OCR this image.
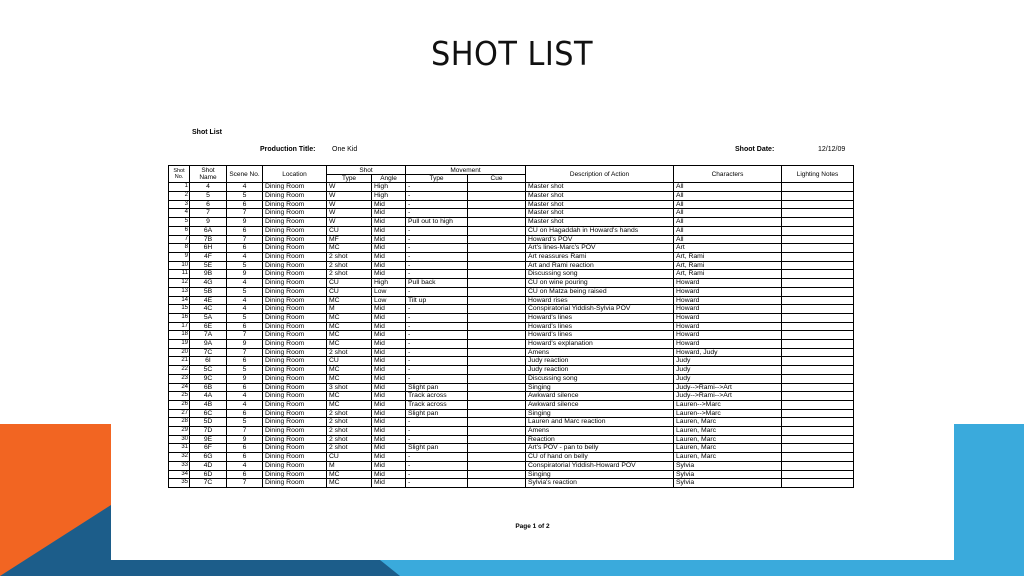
SHOT LIST
Shot List
Production Title: One Kid	Shoot Date:	12/12/09
Shot No.	Shot Name	Scene No.	Location	Shot		Movement		Description of Action	Characters	Lighting Notes
				Type	Angle	Type	Cue			
1	4	4	Dining Room	W	High	-		Master shot	All	
2	5	5	Dining Room	W	High	-		Master shot	All	
3	6	6	Dining Room	W	Mid	-		Master shot	All	
4	7	7	Dining Room	W	Mid	-		Master shot	All	
5	9	9	Dining Room	W	Mid	Pull out to high		Master shot	All	
6	6A	6	Dining Room	CU	Mid	-		CU on Hagaddah in Howard's hands	All	
7	7B	7	Dining Room	MF	Mid	-		Howard's POV	All	
8	6H	6	Dining Room	MC	Mid	-		Art's lines-Marc's POV	Art	
9	4F	4	Dining Room	2 shot	Mid	-		Art reassures Rami	Art, Rami	
10	5E	5	Dining Room	2 shot	Mid	-		Art and Rami reaction	Art, Rami	
11	9B	9	Dining Room	2 shot	Mid	-		Discussing song	Art, Rami	
12	4G	4	Dining Room	CU	High	Pull back		CU on wine pouring	Howard	
13	5B	5	Dining Room	CU	Low	-		CU on Matza being raised	Howard	
14	4E	4	Dining Room	MC	Low	Tilt up		Howard rises	Howard	
15	4C	4	Dining Room	M	Mid	-		Conspiratorial Yiddish-Sylvia POV	Howard	
16	5A	5	Dining Room	MC	Mid	-		Howard's lines	Howard	
17	6E	6	Dining Room	MC	Mid	-		Howard's lines	Howard	
18	7A	7	Dining Room	MC	Mid	-		Howard's lines	Howard	
19	9A	9	Dining Room	MC	Mid	-		Howard's explanation	Howard	
20	7C	7	Dining Room	2 shot	Mid	-		Amens	Howard, Judy	
21	6I	6	Dining Room	CU	Mid	-		Judy reaction	Judy	
22	5C	5	Dining Room	MC	Mid	-		Judy reaction	Judy	
23	9C	9	Dining Room	MC	Mid	-		Discussing song	Judy	
24	6B	6	Dining Room	3 shot	Mid	Slight pan		Singing	Judy-->Rami-->Art	
25	4A	4	Dining Room	MC	Mid	Track across		Awkward silence	Judy-->Rami-->Art	
26	4B	4	Dining Room	MC	Mid	Track across		Awkward silence	Lauren-->Marc	
27	6C	6	Dining Room	2 shot	Mid	Slight pan		Singing	Lauren-->Marc	
28	5D	5	Dining Room	2 shot	Mid	-		Lauren and Marc reaction	Lauren, Marc	
29	7D	7	Dining Room	2 shot	Mid	-		Amens	Lauren, Marc	
30	9E	9	Dining Room	2 shot	Mid	-		Reaction	Lauren, Marc	
31	6F	6	Dining Room	2 shot	Mid	Slight pan		Art's POV - pan to belly	Lauren, Marc	
32	6G	6	Dining Room	CU	Mid	-		CU of hand on belly	Lauren, Marc	
33	4D	4	Dining Room	M	Mid	-		Conspiratorial Yiddish-Howard POV	Sylvia	
34	6D	6	Dining Room	MC	Mid	-		Singing	Sylvia	
35	7C	7	Dining Room	MC	Mid	-		Sylvia's reaction	Sylvia	
Page 1 of 2
